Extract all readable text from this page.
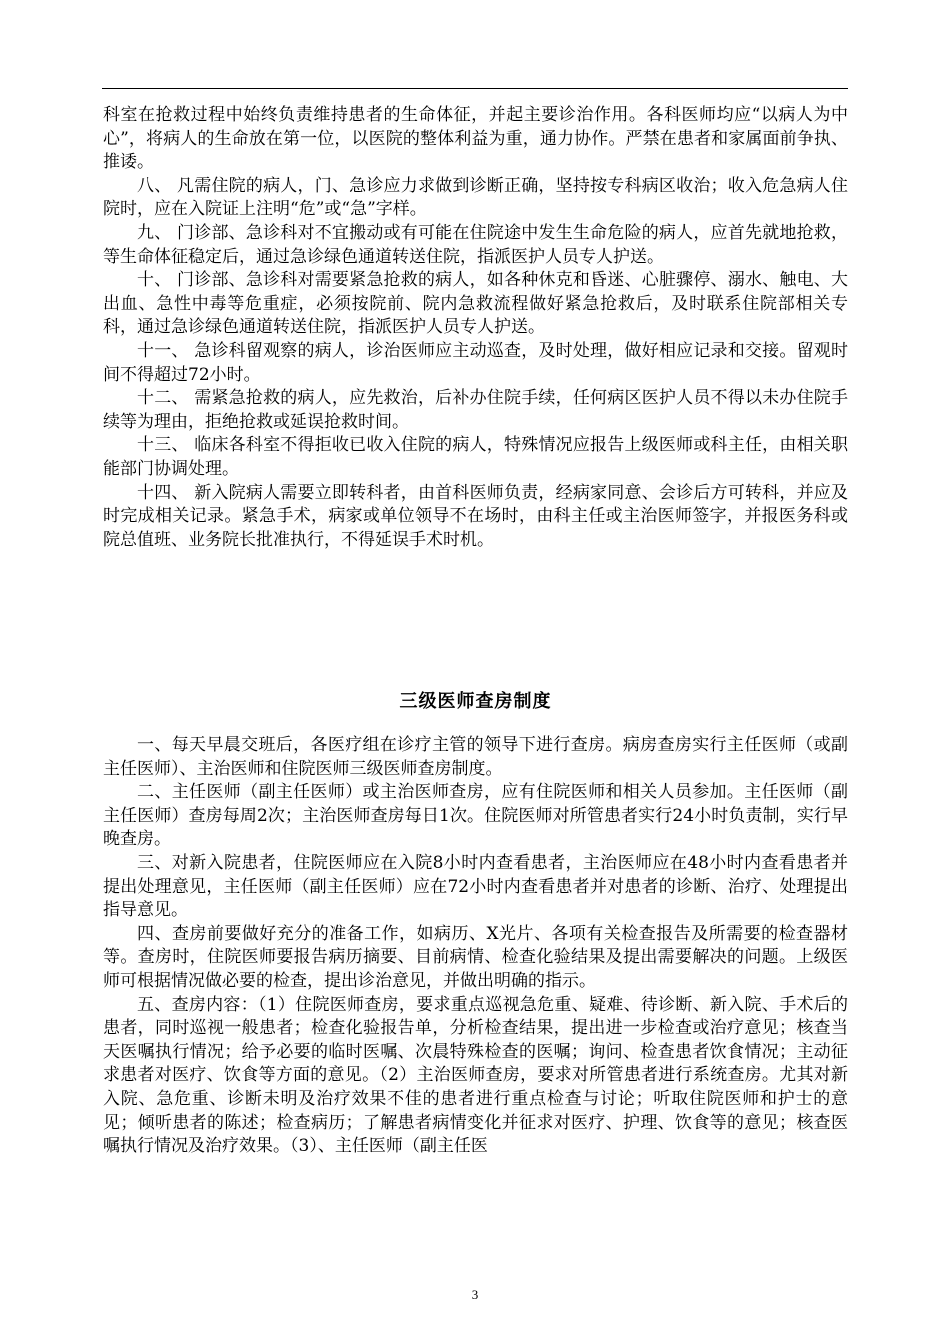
科室在抢救过程中始终负责维持患者的生命体征，并起主要诊治作用。各科医师均应“以病人为中心”，将病人的生命放在第一位，以医院的整体利益为重，通力协作。严禁在患者和家属面前争执、推诿。

八、 凡需住院的病人，门、急诊应力求做到诊断正确，坚持按专科病区收治；收入危急病人住院时，应在入院证上注明“危”或“急”字样。

九、 门诊部、急诊科对不宜搬动或有可能在住院途中发生生命危险的病人，应首先就地抢救，等生命体征稳定后，通过急诊绿色通道转送住院，指派医护人员专人护送。

十、 门诊部、急诊科对需要紧急抢救的病人，如各种休克和昏迷、心脏骤停、溺水、触电、大出血、急性中毒等危重症，必须按院前、院内急救流程做好紧急抢救后，及时联系住院部相关专科，通过急诊绿色通道转送住院，指派医护人员专人护送。

十一、 急诊科留观察的病人，诊治医师应主动巡查，及时处理，做好相应记录和交接。留观时间不得超过72小时。

十二、 需紧急抢救的病人，应先救治，后补办住院手续，任何病区医护人员不得以未办住院手续等为理由，拒绝抢救或延误抢救时间。

十三、 临床各科室不得拒收已收入住院的病人，特殊情况应报告上级医师或科主任，由相关职能部门协调处理。

十四、 新入院病人需要立即转科者，由首科医师负责，经病家同意、会诊后方可转科，并应及时完成相关记录。紧急手术，病家或单位领导不在场时，由科主任或主治医师签字，并报医务科或院总值班、业务院长批准执行，不得延误手术时机。

三级医师查房制度

一、每天早晨交班后，各医疗组在诊疗主管的领导下进行查房。病房查房实行主任医师（或副主任医师）、主治医师和住院医师三级医师查房制度。

二、主任医师（副主任医师）或主治医师查房，应有住院医师和相关人员参加。主任医师（副主任医师）查房每周2次；主治医师查房每日1次。住院医师对所管患者实行24小时负责制，实行早晚查房。

三、对新入院患者，住院医师应在入院8小时内查看患者，主治医师应在48小时内查看患者并提出处理意见，主任医师（副主任医师）应在72小时内查看患者并对患者的诊断、治疗、处理提出指导意见。

四、查房前要做好充分的准备工作，如病历、X光片、各项有关检查报告及所需要的检查器材等。查房时，住院医师要报告病历摘要、目前病情、检查化验结果及提出需要解决的问题。上级医师可根据情况做必要的检查，提出诊治意见，并做出明确的指示。

五、查房内容：（1）住院医师查房，要求重点巡视急危重、疑难、待诊断、新入院、手术后的患者，同时巡视一般患者；检查化验报告单，分析检查结果，提出进一步检查或治疗意见；核查当天医嘱执行情况；给予必要的临时医嘱、次晨特殊检查的医嘱；询问、检查患者饮食情况；主动征求患者对医疗、饮食等方面的意见。（2）主治医师查房，要求对所管患者进行系统查房。尤其对新入院、急危重、诊断未明及治疗效果不佳的患者进行重点检查与讨论；听取住院医师和护士的意见；倾听患者的陈述；检查病历；了解患者病情变化并征求对医疗、护理、饮食等的意见；核查医嘱执行情况及治疗效果。（3）、主任医师（副主任医

3
